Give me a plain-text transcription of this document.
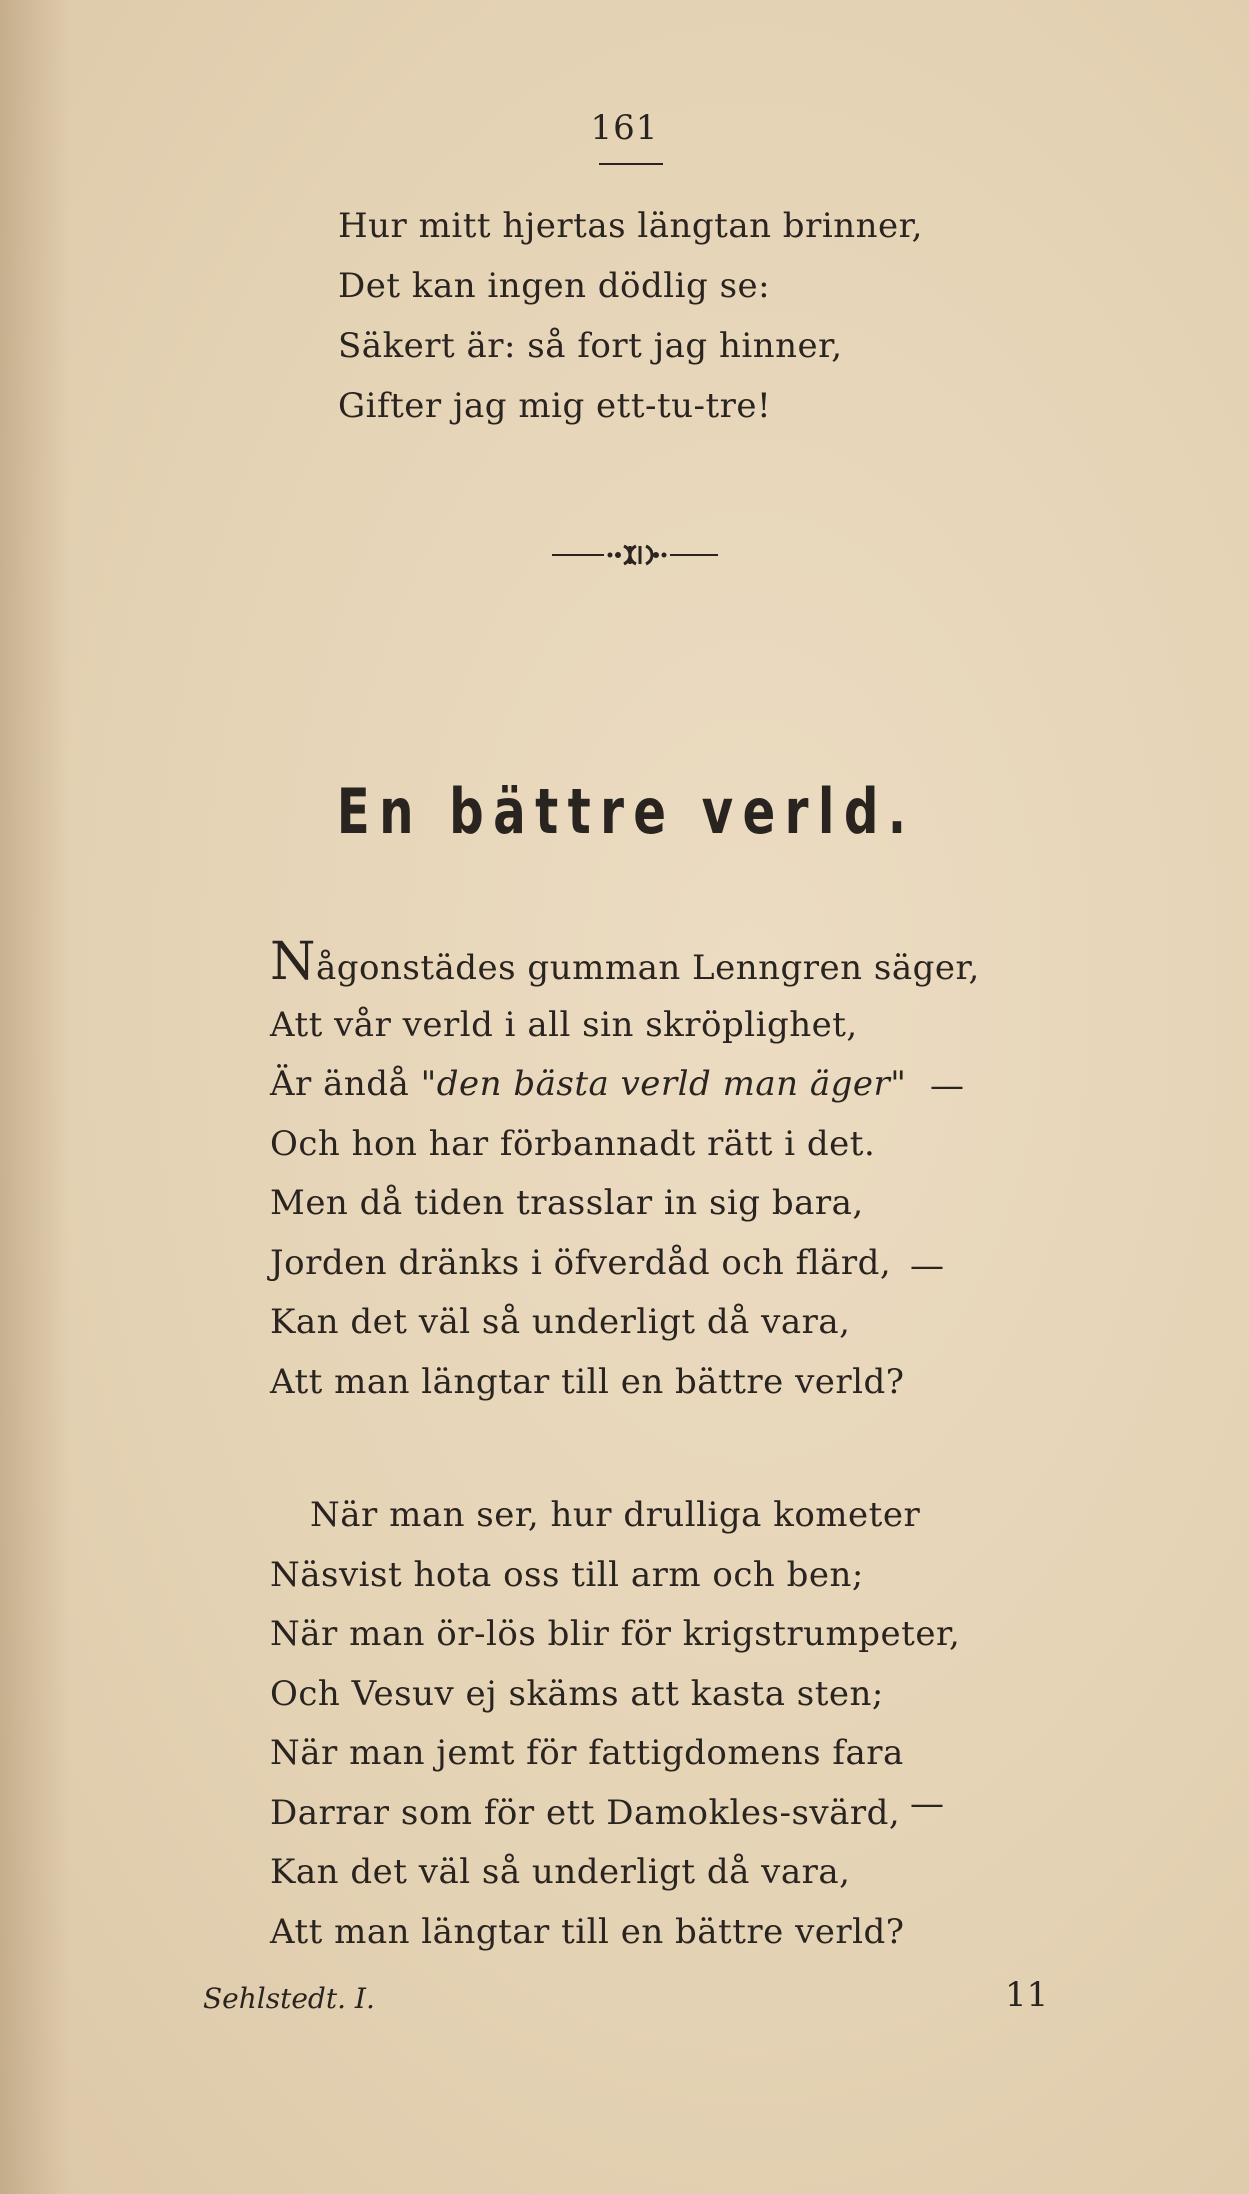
161
Hur mitt hjertas längtan brinner,
Det kan ingen dödlig se:
Säkert är: så fort jag hinner,
Gifter jag mig ett-tu-tre!
En bättre verld.
Någonstädes gumman Lenngren säger,
Att vår verld i all sin skröplighet,
Är ändå "den bästa verld man äger"
Och hon har förbannadt rätt i det.
Men då tiden trasslar in sig bara,
Jorden dränks i öfverdåd och flärd,
Kan det väl så underligt då vara,
Att man längtar till en bättre verld?
—
—
När man ser, hur drulliga kometer
Näsvist hota oss till arm och ben;
När man ör-lös blir för krigstrumpeter,
Och Vesuv ej skäms att kasta sten;
När man jemt för fattigdomens fara
Darrar som för ett Damokles-svärd,
Kan det väl så underligt då vara,
Att man längtar till en bättre verld?
—
Sehlstedt. I.	11
